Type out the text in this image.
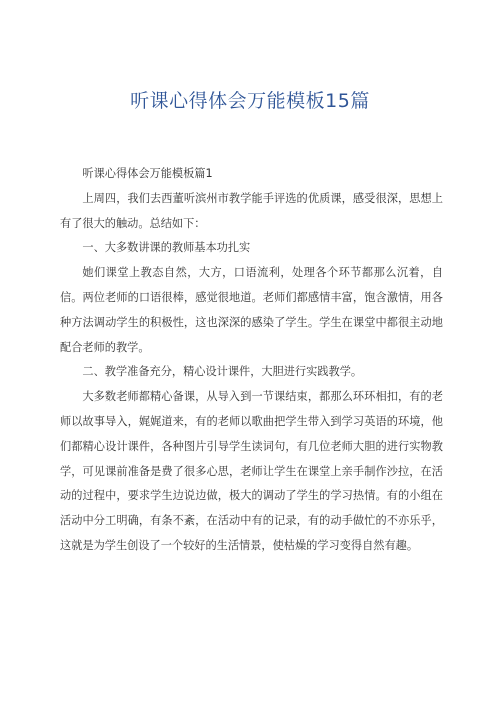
听课心得体会万能模板15篇

听课心得体会万能模板篇1

上周四，我们去西董听滨州市教学能手评选的优质课，感受很深，思想上有了很大的触动。总结如下：

一、大多数讲课的教师基本功扎实

她们课堂上教态自然，大方，口语流利，处理各个环节都那么沉着，自信。两位老师的口语很棒，感觉很地道。老师们都感情丰富，饱含激情，用各种方法调动学生的积极性，这也深深的感染了学生。学生在课堂中都很主动地配合老师的教学。

二、教学准备充分，精心设计课件，大胆进行实践教学。

大多数老师都精心备课，从导入到一节课结束，都那么环环相扣，有的老师以故事导入，娓娓道来，有的老师以歌曲把学生带入到学习英语的环境，他们都精心设计课件，各种图片引导学生读词句，有几位老师大胆的进行实物教学，可见课前准备是费了很多心思，老师让学生在课堂上亲手制作沙拉，在活动的过程中，要求学生边说边做，极大的调动了学生的学习热情。有的小组在活动中分工明确，有条不紊，在活动中有的记录，有的动手做忙的不亦乐乎，这就是为学生创设了一个较好的生活情景，使枯燥的学习变得自然有趣。
